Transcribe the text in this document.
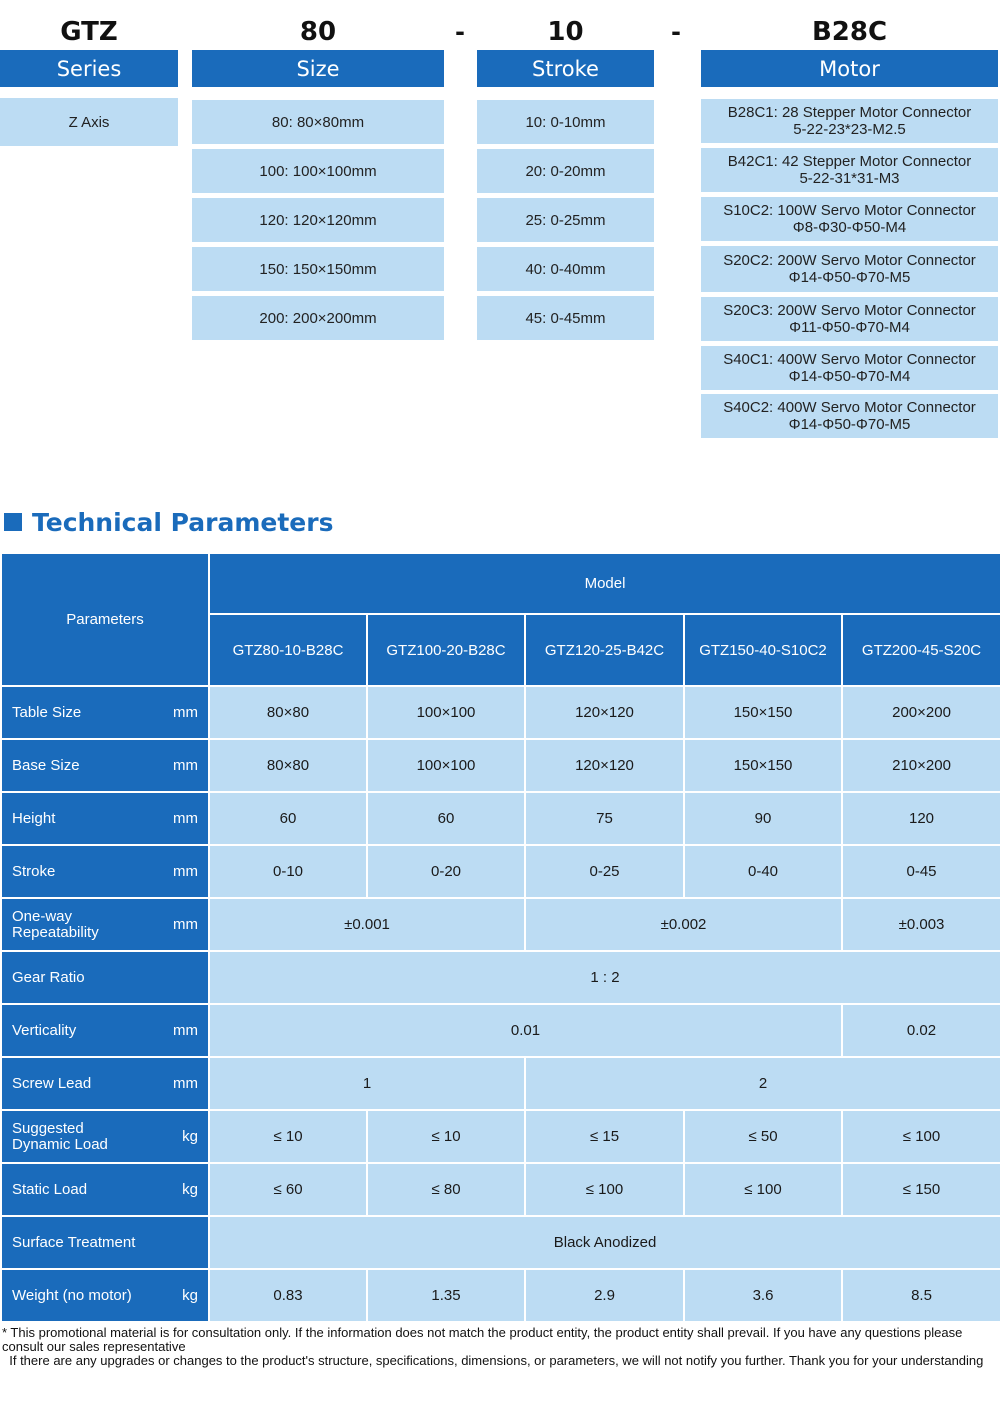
GTZ	80	-	10	-	B28C
Series	Size	Stroke	Motor
Z Axis	80: 80×80mm
100: 100×100mm
120: 120×120mm
150: 150×150mm
200: 200×200mm
10: 0-10mm
20: 0-20mm
25: 0-25mm
40: 0-40mm
45: 0-45mm
B28C1: 28 Stepper Motor Connector
5-22-23*23-M2.5
B42C1: 42 Stepper Motor Connector
5-22-31*31-M3
S10C2: 100W Servo Motor Connector
Φ8-Φ30-Φ50-M4
S20C2: 200W Servo Motor Connector
Φ14-Φ50-Φ70-M5
S20C3: 200W Servo Motor Connector
Φ11-Φ50-Φ70-M4
S40C1: 400W Servo Motor Connector
Φ14-Φ50-Φ70-M4
S40C2: 400W Servo Motor Connector
Φ14-Φ50-Φ70-M5
Technical Parameters
Parameters	Model				
	GTZ80-10-B28C	GTZ100-20-B28C	GTZ120-25-B42C	GTZ150-40-S10C2	GTZ200-45-S20C

Table Size mm	80×80	100×100	120×120	150×150	200×200

Base Size mm	80×80	100×100	120×120	150×150	210×200

Height mm	60	60	75	90	120

Stroke mm	0-10	0-20	0-25	0-40	0-45

One-way
Repeatability mm	±0.001		±0.002		±0.003

Gear Ratio	1 : 2				

Verticality mm	0.01				0.02

Screw Lead mm	1		2		

Suggested
Dynamic Load kg	≤ 10	≤ 10	≤ 15	≤ 50	≤ 100

Static Load kg	≤ 60	≤ 80	≤ 100	≤ 100	≤ 150

Surface Treatment	Black Anodized				

Weight (no motor) kg	0.83	1.35	2.9	3.6	8.5

* This promotional material is for consultation only. If the information does not match the product entity, the product entity shall prevail. If you have any questions please consult our sales representative

If there are any upgrades or changes to the product's structure, specifications, dimensions, or parameters, we will not notify you further. Thank you for your understanding
